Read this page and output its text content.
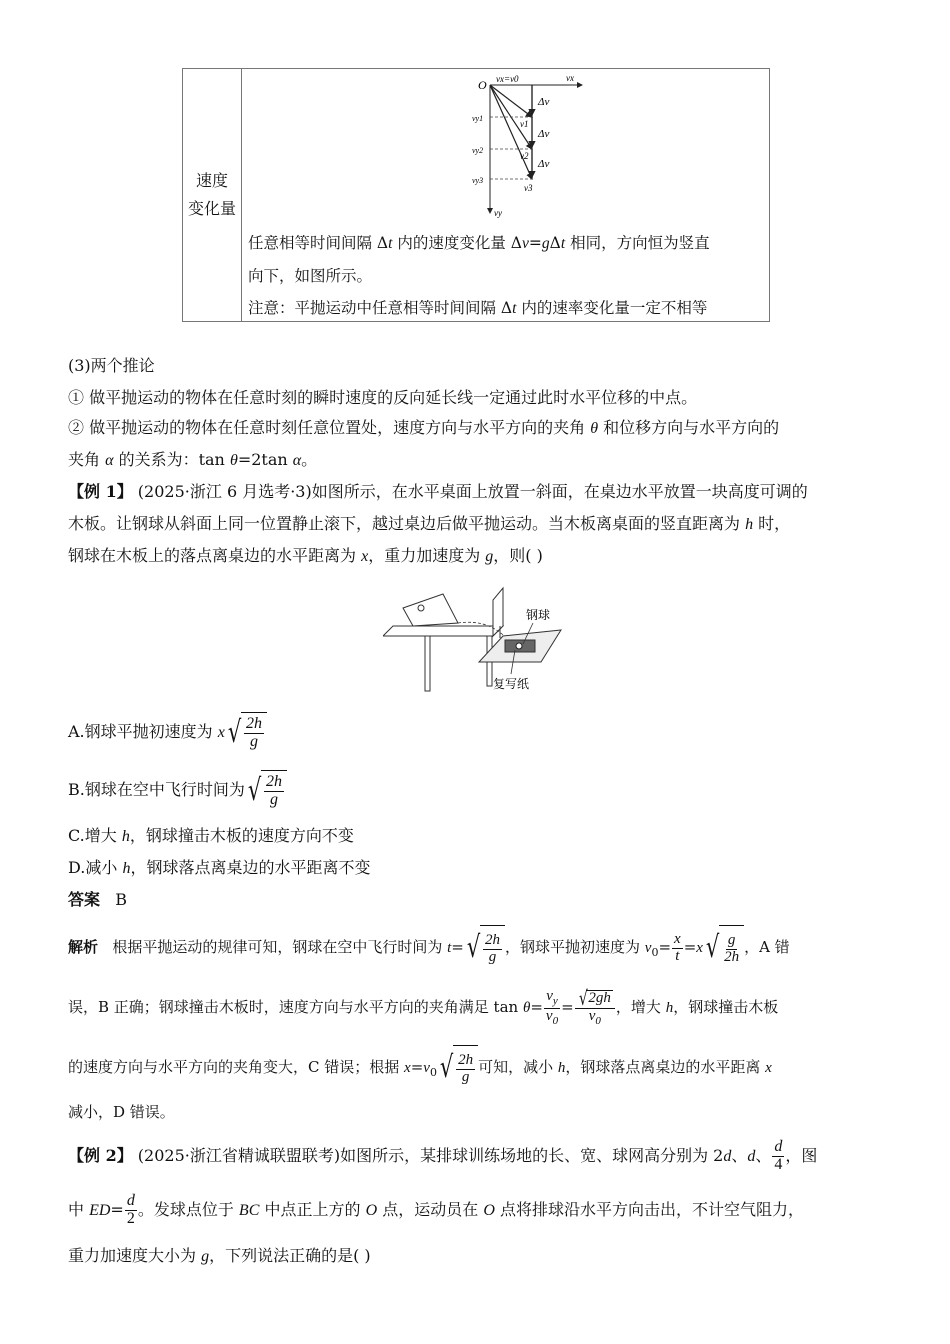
速度
变化量

O vx=v0	vx
vy
vy1
vy2
vy3
v1
v2
v3
Δv
Δv
Δv
任意相等时间间隔 Δt 内的速度变化量 Δv=gΔt 相同，方向恒为竖直
向下，如图所示。
注意：平抛运动中任意相等时间间隔 Δt 内的速率变化量一定不相等
(3)两个推论
① 做平抛运动的物体在任意时刻的瞬时速度的反向延长线一定通过此时水平位移的中点。
② 做平抛运动的物体在任意时刻任意位置处，速度方向与水平方向的夹角 θ 和位移方向与水平方向的
夹角 α 的关系为：tan θ=2tan α。
【例 1】 (2025·浙江 6 月选考·3)如图所示，在水平桌面上放置一斜面，在桌边水平放置一块高度可调的
木板。让钢球从斜面上同一位置静止滚下，越过桌边后做平抛运动。当木板离桌面的竖直距离为 h 时，
钢球在木板上的落点离桌边的水平距离为 x，重力加速度为 g，则( )
钢球
复写纸
A.钢球平抛初速度为 x √ $\frac{2h}{g}$
B.钢球在空中飞行时间为 √ $\frac{2h}{g}$
C.增大 h，钢球撞击木板的速度方向不变
D.减小 h，钢球落点离桌边的水平距离不变
答案 B
解析 根据平抛运动的规律可知，钢球在空中飞行时间为 t= √ $\frac{2h}{g}$ ，钢球平抛初速度为 $v_0= \frac{x}{t} =x$ √ $\frac{g}{2h}$ ，A 错
误，B 正确；钢球撞击木板时，速度方向与水平方向的夹角满足 $\tan \theta= \frac{v_y}{v_0} = \frac{√ 2gh}{v_0}$ ，增大 h，钢球撞击木板
的速度方向与水平方向的夹角变大，C 错误；根据 $x=v_0$ √ $\frac{2h}{g}$ 可知，减小 h，钢球落点离桌边的水平距离 x
减小，D 错误。
【例 2】 (2025·浙江省精诚联盟联考)如图所示，某排球训练场地的长、宽、球网高分别为 2d、d、 $\frac{d}{4}$ ，图
中 $ED= \frac{d}{2}$ 。发球点位于 BC 中点正上方的 O 点，运动员在 O 点将排球沿水平方向击出，不计空气阻力，
重力加速度大小为 g，下列说法正确的是( )
